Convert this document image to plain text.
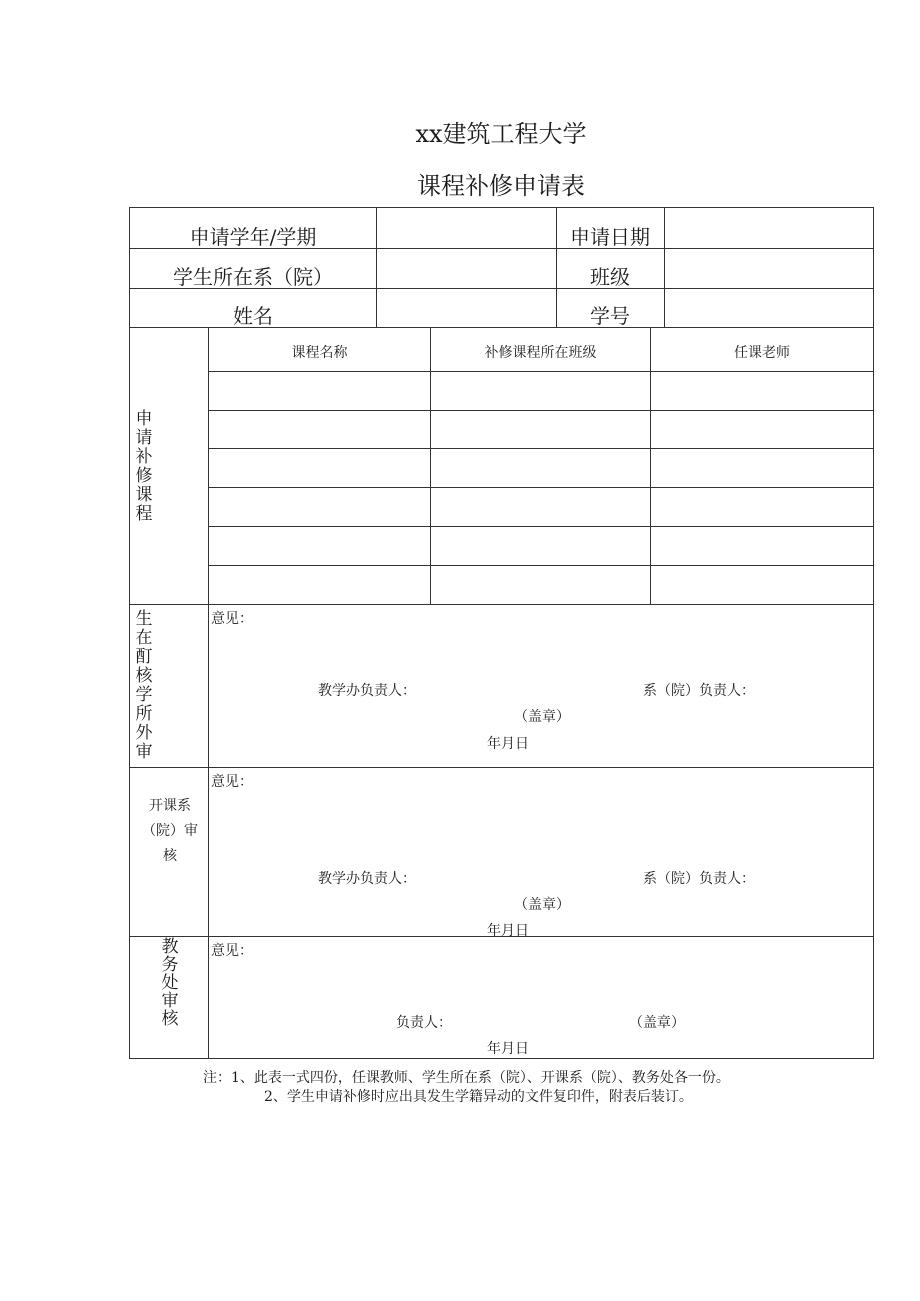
xx建筑工程大学
课程补修申请表
申请学年/学期	申请日期
学生所在系（院）	班级
姓名	学号
申请补修课程
课程名称	补修课程所在班级	任课老师
生在酊核学所外审
意见：
教学办负责人：	系（院）负责人：
（盖章）
年月日
开课系（院）审核
意见：
教学办负责人：	系（院）负责人：
（盖章）
年月日
教务处审核
意见：
负责人：	（盖章）
年月日
注：1、此表一式四份，任课教师、学生所在系（院）、开课系（院）、教务处各一份。
2、学生申请补修时应出具发生学籍异动的文件复印件，附表后装订。
